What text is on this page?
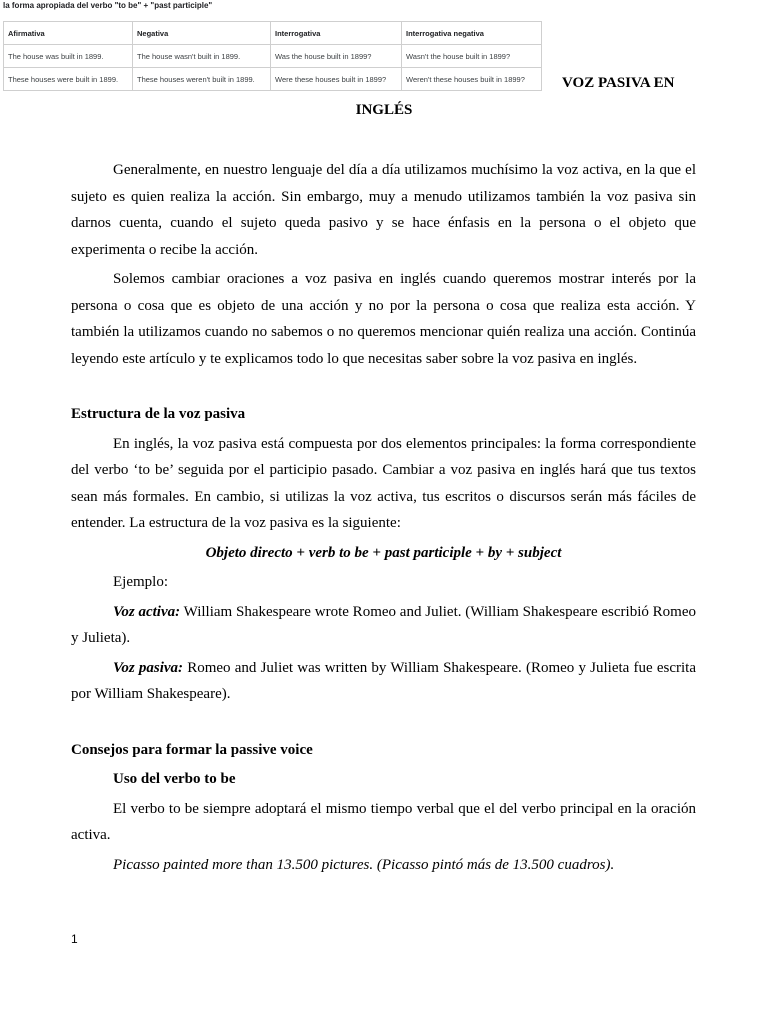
la forma apropiada del verbo "to be" + "past participle"
Afirmativa	Negativa	Interrogativa	Interrogativa negativa
The house was built in 1899.	The house wasn't built in 1899.	Was the house built in 1899?	Wasn't the house built in 1899?
These houses were built in 1899.	These houses weren't built in 1899.	Were these houses built in 1899?	Weren't these houses built in 1899? VOZ PASIVA EN
INGLÉS

Generalmente, en nuestro lenguaje del día a día utilizamos muchísimo la voz activa, en la que el sujeto es quien realiza la acción. Sin embargo, muy a menudo utilizamos también la voz pasiva sin darnos cuenta, cuando el sujeto queda pasivo y se hace énfasis en la persona o el objeto que experimenta o recibe la acción.

Solemos cambiar oraciones a voz pasiva en inglés cuando queremos mostrar interés por la persona o cosa que es objeto de una acción y no por la persona o cosa que realiza esta acción. Y también la utilizamos cuando no sabemos o no queremos mencionar quién realiza una acción. Continúa leyendo este artículo y te explicamos todo lo que necesitas saber sobre la voz pasiva en inglés.

Estructura de la voz pasiva

En inglés, la voz pasiva está compuesta por dos elementos principales: la forma correspondiente del verbo ‘to be’ seguida por el participio pasado. Cambiar a voz pasiva en inglés hará que tus textos sean más formales. En cambio, si utilizas la voz activa, tus escritos o discursos serán más fáciles de entender. La estructura de la voz pasiva es la siguiente:

Objeto directo + verb to be + past participle + by + subject

Ejemplo:

Voz activa: William Shakespeare wrote Romeo and Juliet. (William Shakespeare escribió Romeo y Julieta).

Voz pasiva: Romeo and Juliet was written by William Shakespeare. (Romeo y Julieta fue escrita por William Shakespeare).

Consejos para formar la passive voice

Uso del verbo to be

El verbo to be siempre adoptará el mismo tiempo verbal que el del verbo principal en la oración activa.

Picasso painted more than 13.500 pictures. (Picasso pintó más de 13.500 cuadros).

1
